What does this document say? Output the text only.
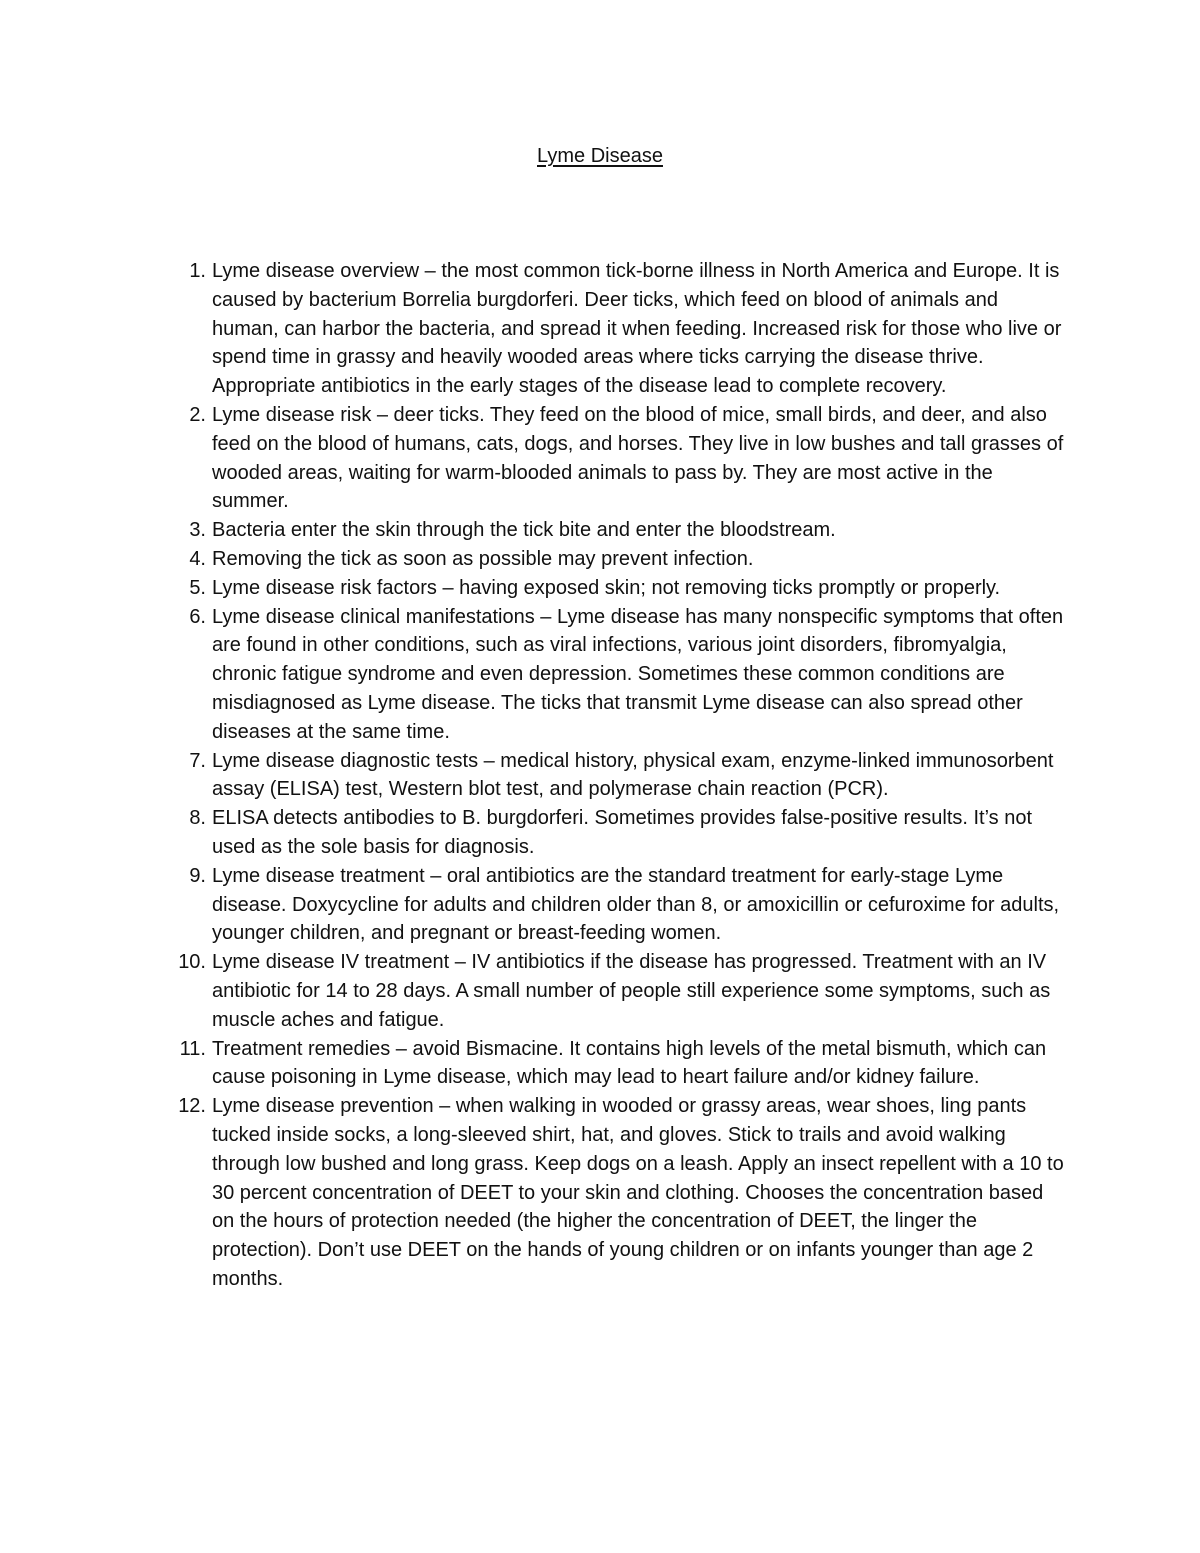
Lyme Disease
1. Lyme disease overview – the most common tick-borne illness in North America and Europe. It is caused by bacterium Borrelia burgdorferi. Deer ticks, which feed on blood of animals and human, can harbor the bacteria, and spread it when feeding. Increased risk for those who live or spend time in grassy and heavily wooded areas where ticks carrying the disease thrive. Appropriate antibiotics in the early stages of the disease lead to complete recovery.
2. Lyme disease risk – deer ticks. They feed on the blood of mice, small birds, and deer, and also feed on the blood of humans, cats, dogs, and horses. They live in low bushes and tall grasses of wooded areas, waiting for warm-blooded animals to pass by. They are most active in the summer.
3. Bacteria enter the skin through the tick bite and enter the bloodstream.
4. Removing the tick as soon as possible may prevent infection.
5. Lyme disease risk factors – having exposed skin; not removing ticks promptly or properly.
6. Lyme disease clinical manifestations – Lyme disease has many nonspecific symptoms that often are found in other conditions, such as viral infections, various joint disorders, fibromyalgia, chronic fatigue syndrome and even depression. Sometimes these common conditions are misdiagnosed as Lyme disease. The ticks that transmit Lyme disease can also spread other diseases at the same time.
7. Lyme disease diagnostic tests – medical history, physical exam, enzyme-linked immunosorbent assay (ELISA) test, Western blot test, and polymerase chain reaction (PCR).
8. ELISA detects antibodies to B. burgdorferi. Sometimes provides false-positive results. It’s not used as the sole basis for diagnosis.
9. Lyme disease treatment – oral antibiotics are the standard treatment for early-stage Lyme disease. Doxycycline for adults and children older than 8, or amoxicillin or cefuroxime for adults, younger children, and pregnant or breast-feeding women.
10. Lyme disease IV treatment – IV antibiotics if the disease has progressed. Treatment with an IV antibiotic for 14 to 28 days. A small number of people still experience some symptoms, such as muscle aches and fatigue.
11. Treatment remedies – avoid Bismacine. It contains high levels of the metal bismuth, which can cause poisoning in Lyme disease, which may lead to heart failure and/or kidney failure.
12. Lyme disease prevention – when walking in wooded or grassy areas, wear shoes, ling pants tucked inside socks, a long-sleeved shirt, hat, and gloves. Stick to trails and avoid walking through low bushed and long grass. Keep dogs on a leash. Apply an insect repellent with a 10 to 30 percent concentration of DEET to your skin and clothing. Chooses the concentration based on the hours of protection needed (the higher the concentration of DEET, the linger the protection). Don’t use DEET on the hands of young children or on infants younger than age 2 months.
